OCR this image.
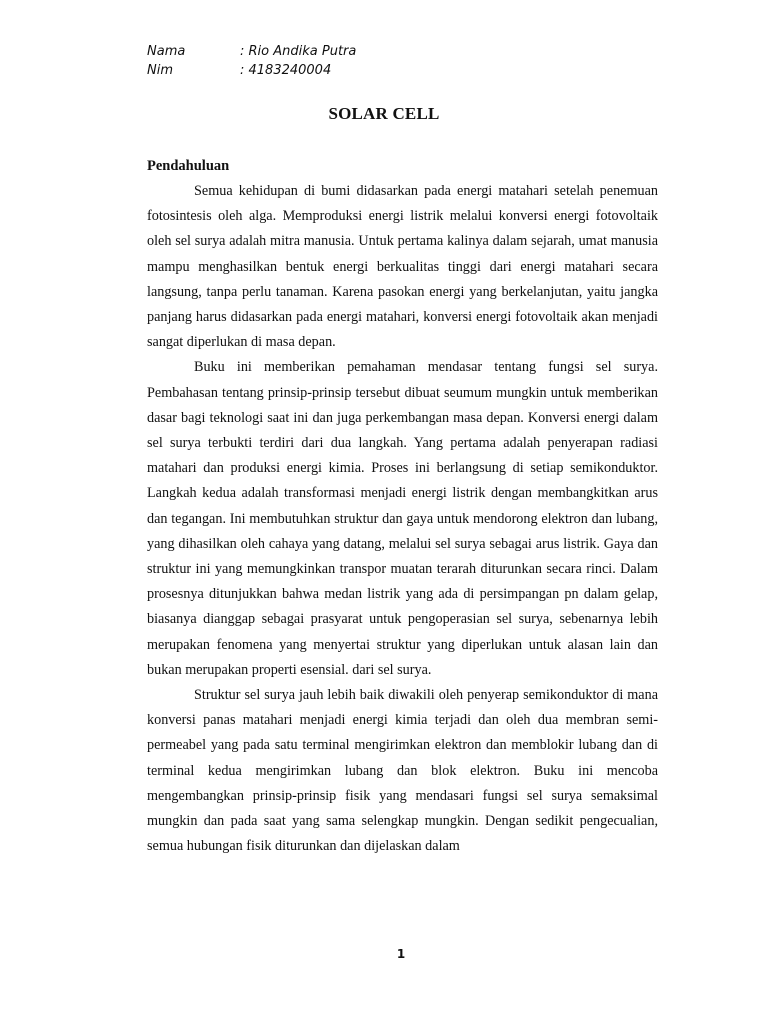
Nama	: Rio Andika Putra
Nim	: 4183240004
SOLAR CELL
Pendahuluan

Semua kehidupan di bumi didasarkan pada energi matahari setelah penemuan fotosintesis oleh alga. Memproduksi energi listrik melalui konversi energi fotovoltaik oleh sel surya adalah mitra manusia. Untuk pertama kalinya dalam sejarah, umat manusia mampu menghasilkan bentuk energi berkualitas tinggi dari energi matahari secara langsung, tanpa perlu tanaman. Karena pasokan energi yang berkelanjutan, yaitu jangka panjang harus didasarkan pada energi matahari, konversi energi fotovoltaik akan menjadi sangat diperlukan di masa depan.

Buku ini memberikan pemahaman mendasar tentang fungsi sel surya. Pembahasan tentang prinsip-prinsip tersebut dibuat seumum mungkin untuk memberikan dasar bagi teknologi saat ini dan juga perkembangan masa depan. Konversi energi dalam sel surya terbukti terdiri dari dua langkah. Yang pertama adalah penyerapan radiasi matahari dan produksi energi kimia. Proses ini berlangsung di setiap semikonduktor. Langkah kedua adalah transformasi menjadi energi listrik dengan membangkitkan arus dan tegangan. Ini membutuhkan struktur dan gaya untuk mendorong elektron dan lubang, yang dihasilkan oleh cahaya yang datang, melalui sel surya sebagai arus listrik. Gaya dan struktur ini yang memungkinkan transpor muatan terarah diturunkan secara rinci. Dalam prosesnya ditunjukkan bahwa medan listrik yang ada di persimpangan pn dalam gelap, biasanya dianggap sebagai prasyarat untuk pengoperasian sel surya, sebenarnya lebih merupakan fenomena yang menyertai struktur yang diperlukan untuk alasan lain dan bukan merupakan properti esensial. dari sel surya.

Struktur sel surya jauh lebih baik diwakili oleh penyerap semikonduktor di mana konversi panas matahari menjadi energi kimia terjadi dan oleh dua membran semi-permeabel yang pada satu terminal mengirimkan elektron dan memblokir lubang dan di terminal kedua mengirimkan lubang dan blok elektron. Buku ini mencoba mengembangkan prinsip-prinsip fisik yang mendasari fungsi sel surya semaksimal mungkin dan pada saat yang sama selengkap mungkin. Dengan sedikit pengecualian, semua hubungan fisik diturunkan dan dijelaskan dalam

1
